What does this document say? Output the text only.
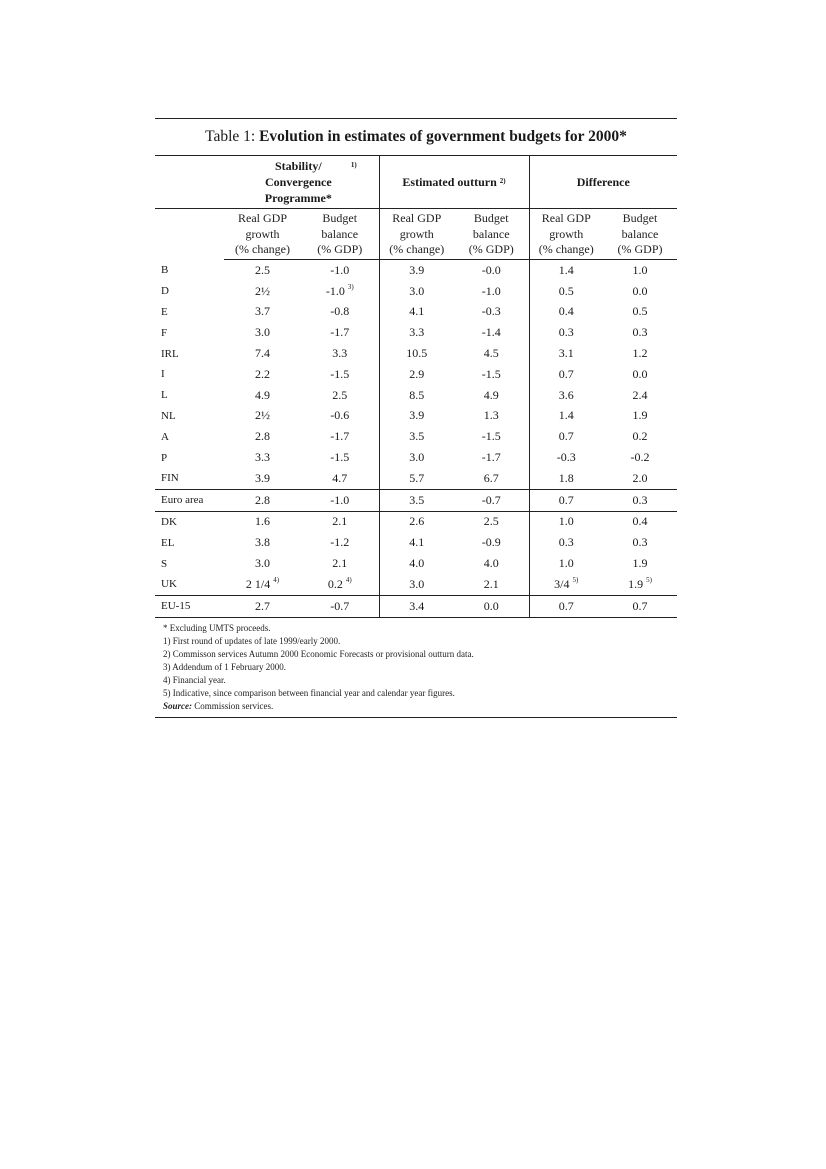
Table 1: Evolution in estimates of government budgets for 2000*
	Stability/ Convergence Programme*$^{1)}$		Estimated outturn $^{2)}$		Difference	
	Real GDP
growth
(% change)	Budget
balance
(% GDP)	Real GDP
growth
(% change)	Budget
balance
(% GDP)	Real GDP
growth
(% change)	Budget
balance
(% GDP)
B	2.5	-1.0	3.9	-0.0	1.4	1.0
D	2½	-1.0 $^{3)}$	3.0	-1.0	0.5	0.0
E	3.7	-0.8	4.1	-0.3	0.4	0.5
F	3.0	-1.7	3.3	-1.4	0.3	0.3
IRL	7.4	3.3	10.5	4.5	3.1	1.2
I	2.2	-1.5	2.9	-1.5	0.7	0.0
L	4.9	2.5	8.5	4.9	3.6	2.4
NL	2½	-0.6	3.9	1.3	1.4	1.9
A	2.8	-1.7	3.5	-1.5	0.7	0.2
P	3.3	-1.5	3.0	-1.7	-0.3	-0.2
FIN	3.9	4.7	5.7	6.7	1.8	2.0
Euro area	2.8	-1.0	3.5	-0.7	0.7	0.3
DK	1.6	2.1	2.6	2.5	1.0	0.4
EL	3.8	-1.2	4.1	-0.9	0.3	0.3
S	3.0	2.1	4.0	4.0	1.0	1.9
UK	2 1/4 $^{4)}$	0.2 $^{4)}$	3.0	2.1	3/4 $^{5)}$	1.9 $^{5)}$
EU-15	2.7	-0.7	3.4	0.0	0.7	0.7
* Excluding UMTS proceeds.
1) First round of updates of late 1999/early 2000.
2) Commisson services Autumn 2000 Economic Forecasts or provisional outturn data.
3) Addendum of 1 February 2000.
4) Financial year.
5) Indicative, since comparison between financial year and calendar year figures.
Source: Commission services.
